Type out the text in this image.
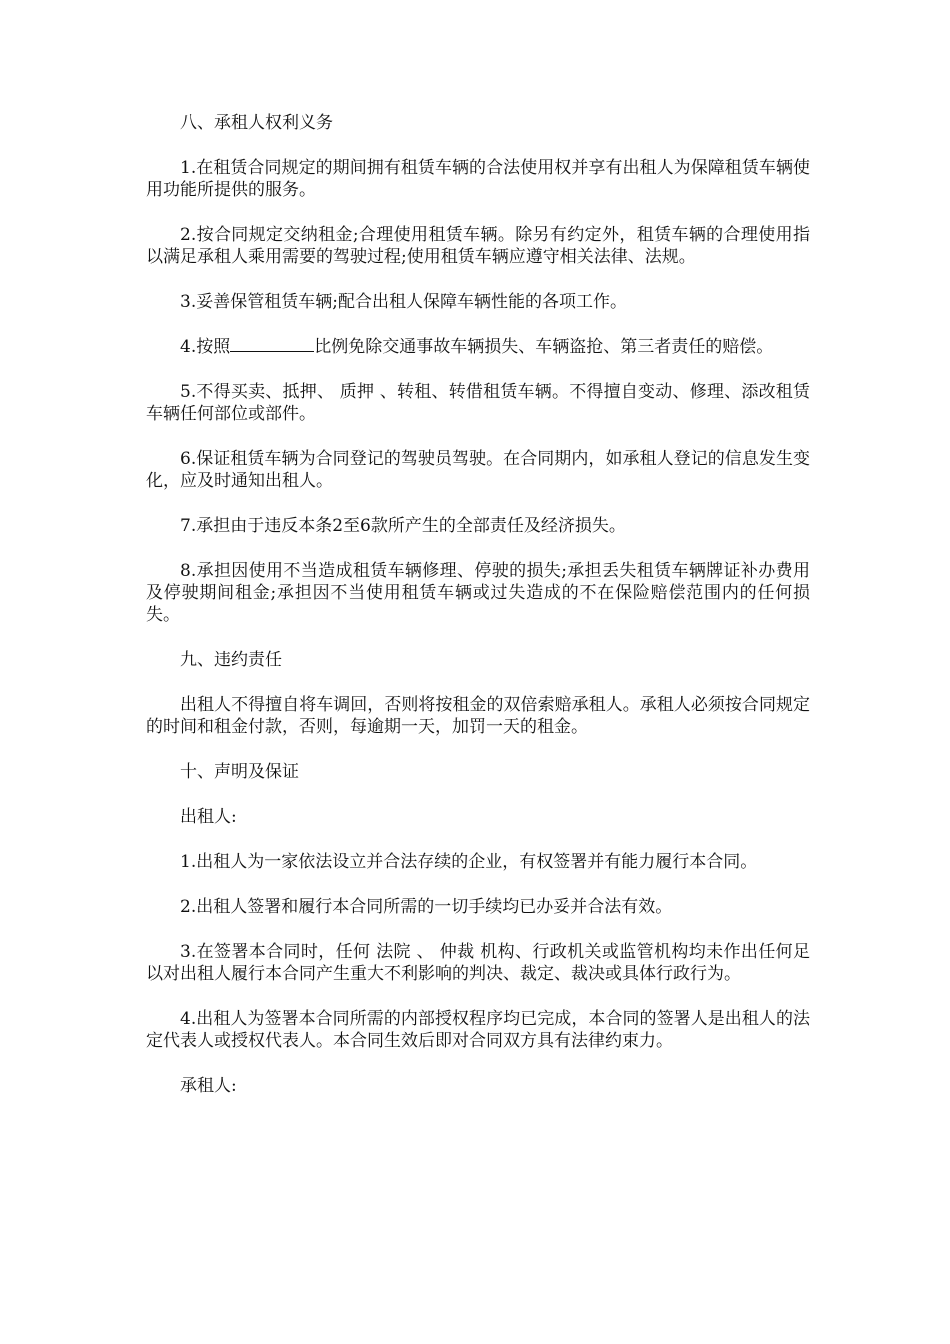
八、承租人权利义务

1.在租赁合同规定的期间拥有租赁车辆的合法使用权并享有出租人为保障租赁车辆使用功能所提供的服务。

2.按合同规定交纳租金;合理使用租赁车辆。除另有约定外，租赁车辆的合理使用指以满足承租人乘用需要的驾驶过程;使用租赁车辆应遵守相关法律、法规。

3.妥善保管租赁车辆;配合出租人保障车辆性能的各项工作。

4.按照	比例免除交通事故车辆损失、车辆盗抢、第三者责任的赔偿。

5.不得买卖、抵押、 质押 、转租、转借租赁车辆。不得擅自变动、修理、添改租赁车辆任何部位或部件。

6.保证租赁车辆为合同登记的驾驶员驾驶。在合同期内，如承租人登记的信息发生变化，应及时通知出租人。

7.承担由于违反本条2至6款所产生的全部责任及经济损失。

8.承担因使用不当造成租赁车辆修理、停驶的损失;承担丢失租赁车辆牌证补办费用及停驶期间租金;承担因不当使用租赁车辆或过失造成的不在保险赔偿范围内的任何损失。

九、违约责任

出租人不得擅自将车调回，否则将按租金的双倍索赔承租人。承租人必须按合同规定的时间和租金付款，否则，每逾期一天，加罚一天的租金。

十、声明及保证

出租人:

1.出租人为一家依法设立并合法存续的企业，有权签署并有能力履行本合同。

2.出租人签署和履行本合同所需的一切手续均已办妥并合法有效。

3.在签署本合同时，任何 法院 、 仲裁 机构、行政机关或监管机构均未作出任何足以对出租人履行本合同产生重大不利影响的判决、裁定、裁决或具体行政行为。

4.出租人为签署本合同所需的内部授权程序均已完成，本合同的签署人是出租人的法定代表人或授权代表人。本合同生效后即对合同双方具有法律约束力。

承租人:
